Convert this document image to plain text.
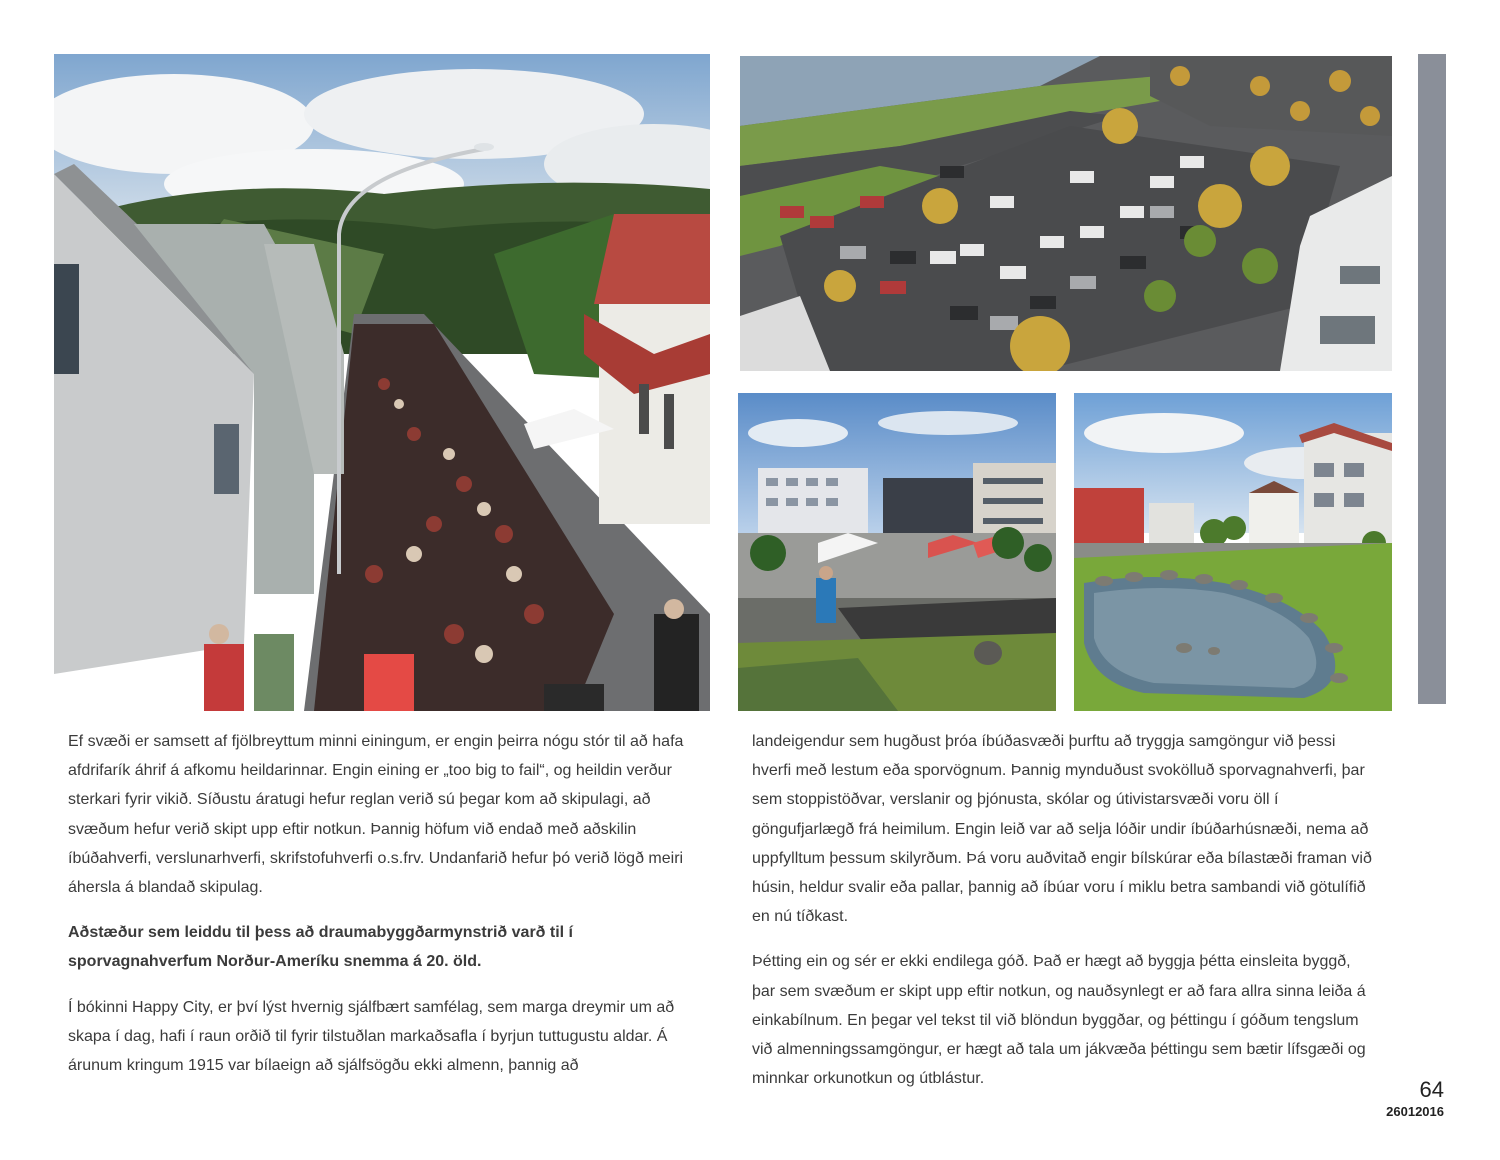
Ef svæði er samsett af fjölbreyttum minni einingum, er engin þeirra nógu stór til að hafa afdrifarík áhrif á afkomu heildarinnar. Engin eining er „too big to fail“, og heildin verður sterkari fyrir vikið. Síðustu áratugi hefur reglan verið sú þegar kom að skipulagi, að svæðum hefur verið skipt upp eftir notkun. Þannig höfum við endað með aðskilin íbúðahverfi, verslunarhverfi, skrifstofuhverfi o.s.frv. Undanfarið hefur þó verið lögð meiri áhersla á blandað skipulag.

Aðstæður sem leiddu til þess að draumabyggðarmynstrið varð til í sporvagnahverfum Norður-Ameríku snemma á 20. öld.

Í bókinni Happy City, er því lýst hvernig sjálfbært samfélag, sem marga dreymir um að skapa í dag, hafi í raun orðið til fyrir tilstuðlan markaðsafla í byrjun tuttugustu aldar. Á árunum kringum 1915 var bílaeign að sjálfsögðu ekki almenn, þannig að

landeigendur sem hugðust þróa íbúðasvæði þurftu að tryggja samgöngur við þessi hverfi með lestum eða sporvögnum. Þannig mynduðust svokölluð sporvagnahverfi, þar sem stoppistöðvar, verslanir og þjónusta, skólar og útivistarsvæði voru öll í göngufjarlægð frá heimilum. Engin leið var að selja lóðir undir íbúðarhúsnæði, nema að uppfylltum þessum skilyrðum. Þá voru auðvitað engir bílskúrar eða bílastæði framan við húsin, heldur svalir eða pallar, þannig að íbúar voru í miklu betra sambandi við götulífið en nú tíðkast.

Þétting ein og sér er ekki endilega góð. Það er hægt að byggja þétta einsleita byggð, þar sem svæðum er skipt upp eftir notkun, og nauðsynlegt er að fara allra sinna leiða á einkabílnum. En þegar vel tekst til við blöndun byggðar, og þéttingu í góðum tengslum við almenningssamgöngur, er hægt að tala um jákvæða þéttingu sem bætir lífsgæði og minnkar orkunotkun og útblástur.	64
26012016
